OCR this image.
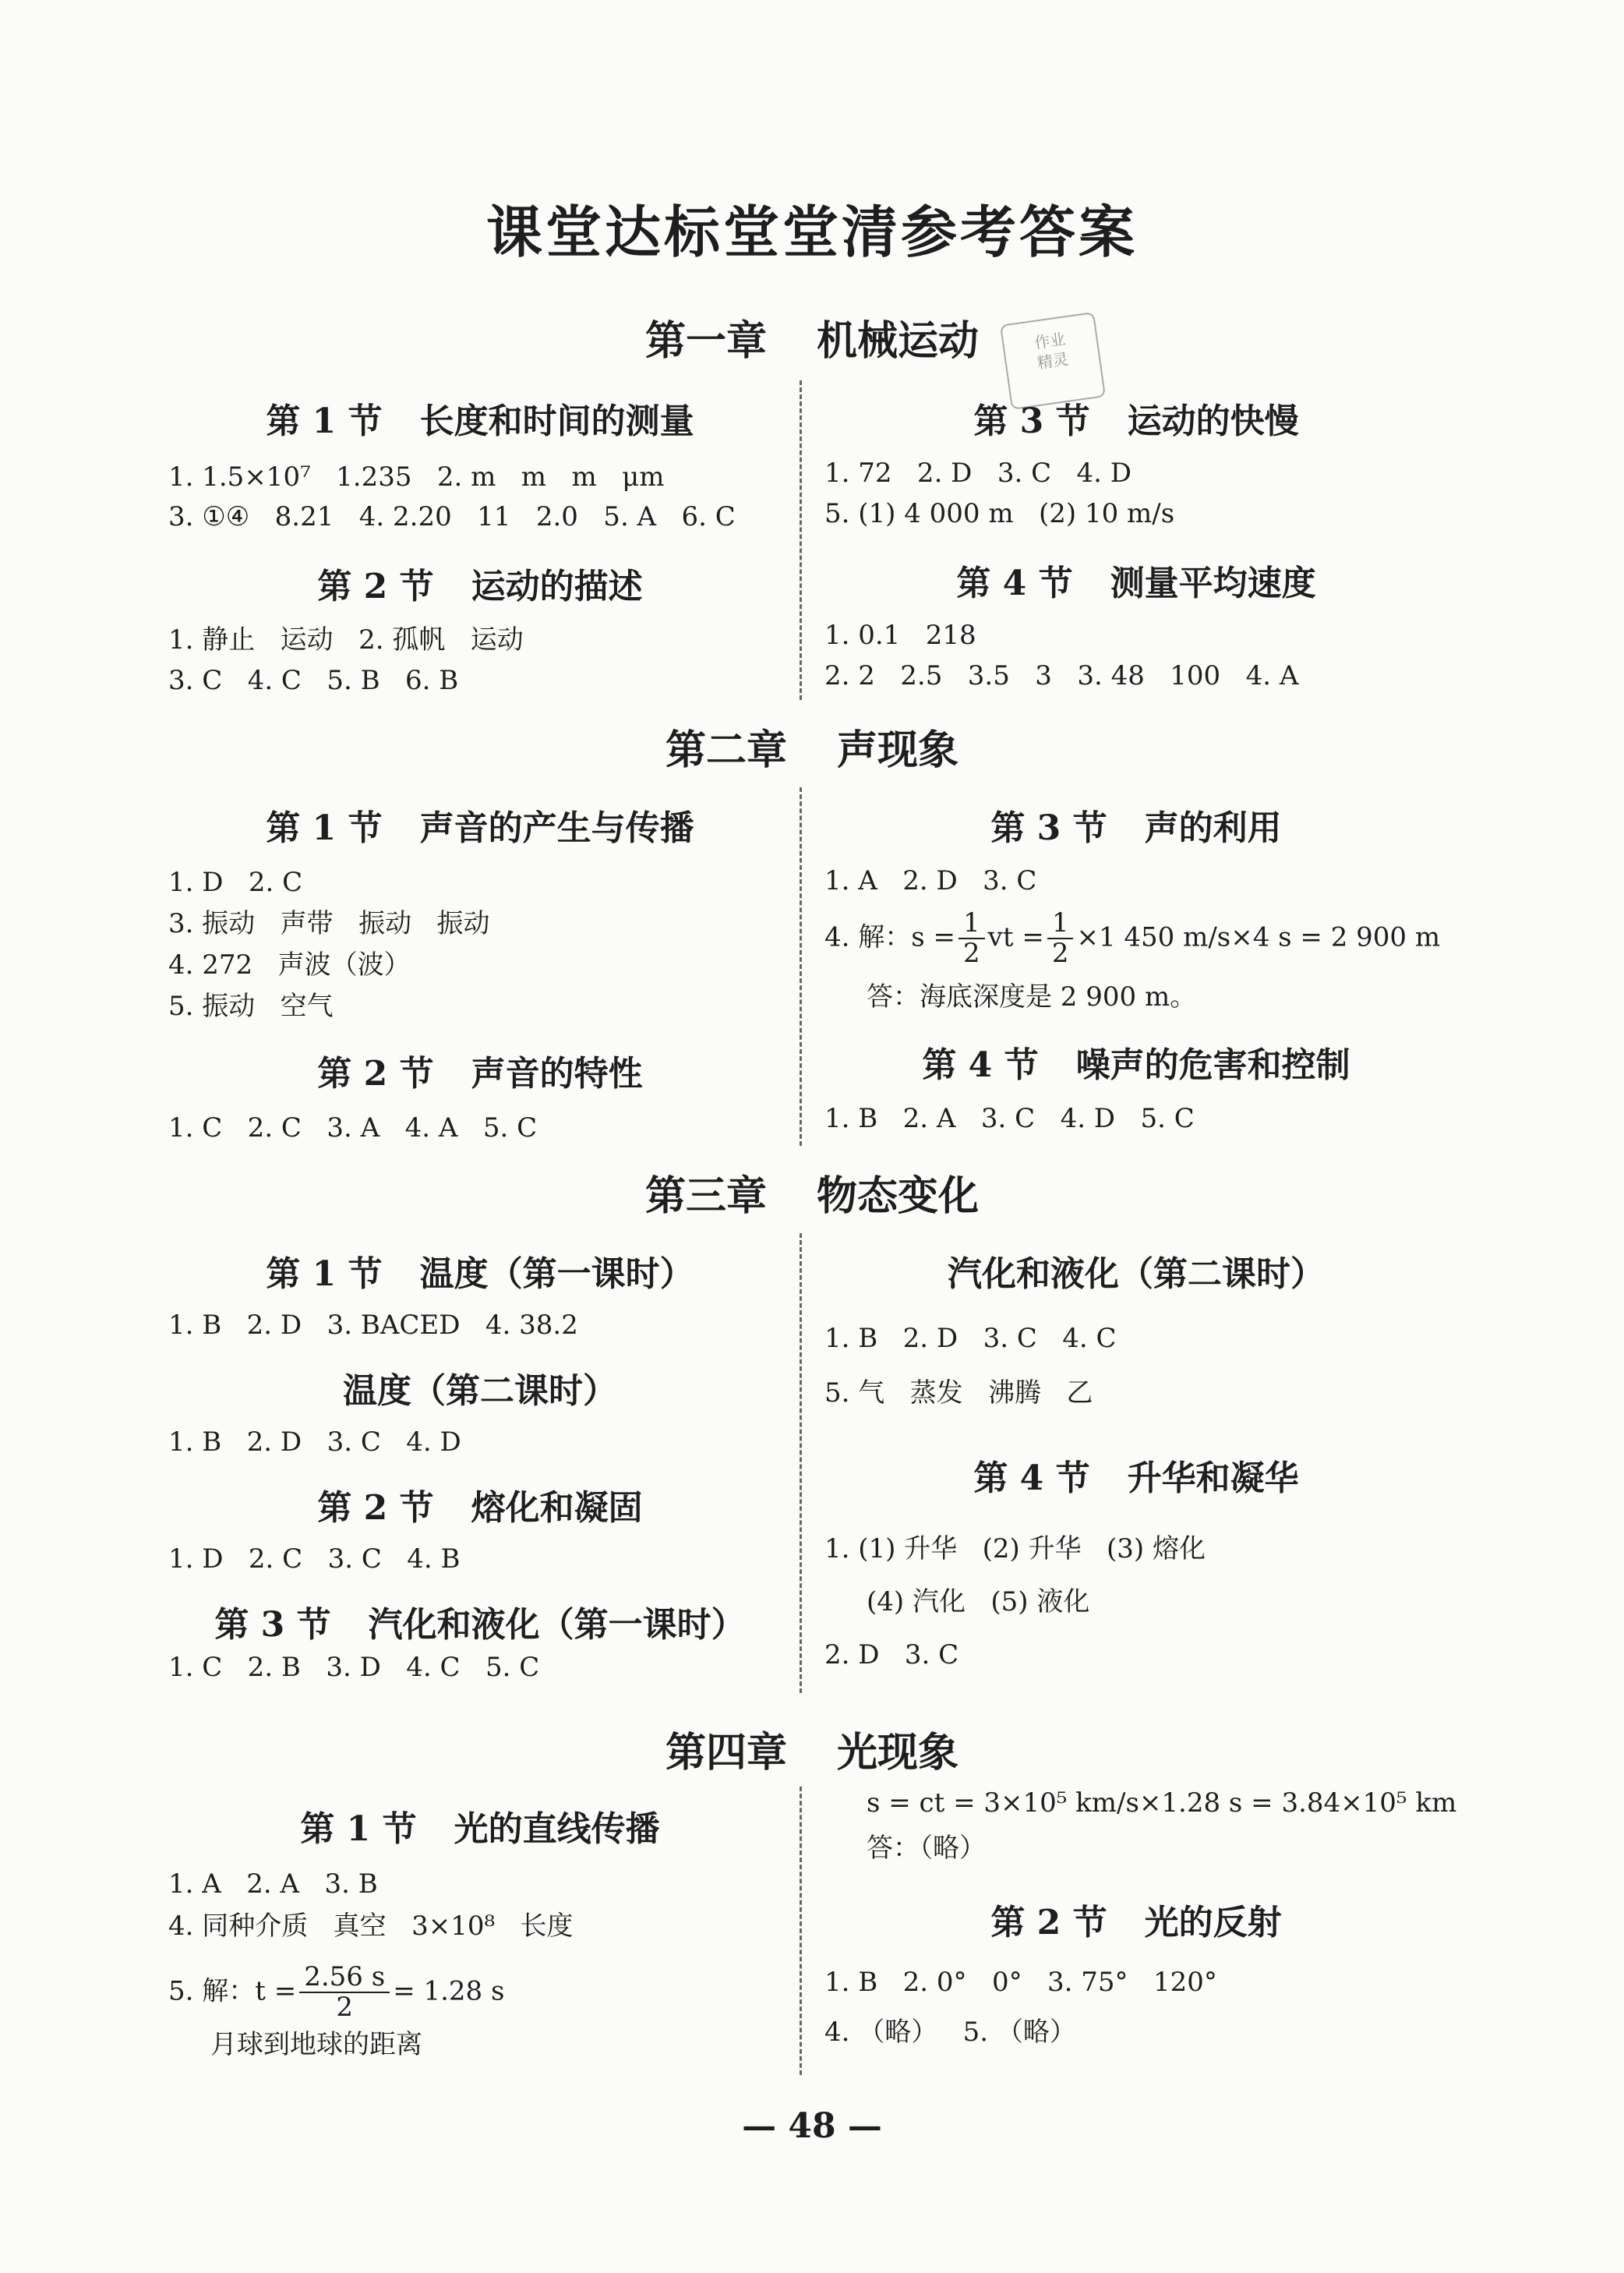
课堂达标堂堂清参考答案
第一章 机械运动	作业
精灵
第 1 节 长度和时间的测量
1. 1.5×10⁷   1.235   2. m   m   m   μm
3. ①④   8.21   4. 2.20   11   2.0   5. A   6. C
第 2 节 运动的描述
1. 静止   运动   2. 孤帆   运动
3. C   4. C   5. B   6. B
第 3 节 运动的快慢
1. 72   2. D   3. C   4. D
5. (1) 4 000 m   (2) 10 m/s
第 4 节 测量平均速度
1. 0.1   218
2. 2   2.5   3.5   3   3. 48   100   4. A
第二章 声现象
第 1 节 声音的产生与传播
1. D   2. C
3. 振动   声带   振动   振动
4. 272   声波（波）
5. 振动   空气
第 2 节 声音的特性
1. C   2. C   3. A   4. A   5. C
第 3 节 声的利用
1. A   2. D   3. C
4. 解：$s = \frac{1}{2}$ vt = $\frac{1}{2} \times 1$ 450 m/s×4 s = 2 900 m
答：海底深度是 2 900 m。
第 4 节 噪声的危害和控制
1. B   2. A   3. C   4. D   5. C
第三章 物态变化
第 1 节 温度（第一课时）
1. B   2. D   3. BACED   4. 38.2
温度（第二课时）
1. B   2. D   3. C   4. D
第 2 节 熔化和凝固
1. D   2. C   3. C   4. B
第 3 节 汽化和液化（第一课时）
1. C   2. B   3. D   4. C   5. C
汽化和液化（第二课时）
1. B   2. D   3. C   4. C
5. 气   蒸发   沸腾   乙
第 4 节 升华和凝华
1. (1) 升华   (2) 升华   (3) 熔化
(4) 汽化   (5) 液化
2. D   3. C
第四章 光现象
第 1 节 光的直线传播
1. A   2. A   3. B
4. 同种介质   真空   3×10⁸   长度
5. 解：$t = \frac{2.56 s}{2} = 1.28$ s
月球到地球的距离
s = ct = 3×10⁵ km/s×1.28 s = 3.84×10⁵ km
答：（略）
第 2 节 光的反射
1. B   2. 0°   0°   3. 75°   120°
4. （略）   5. （略）
— 48 —
